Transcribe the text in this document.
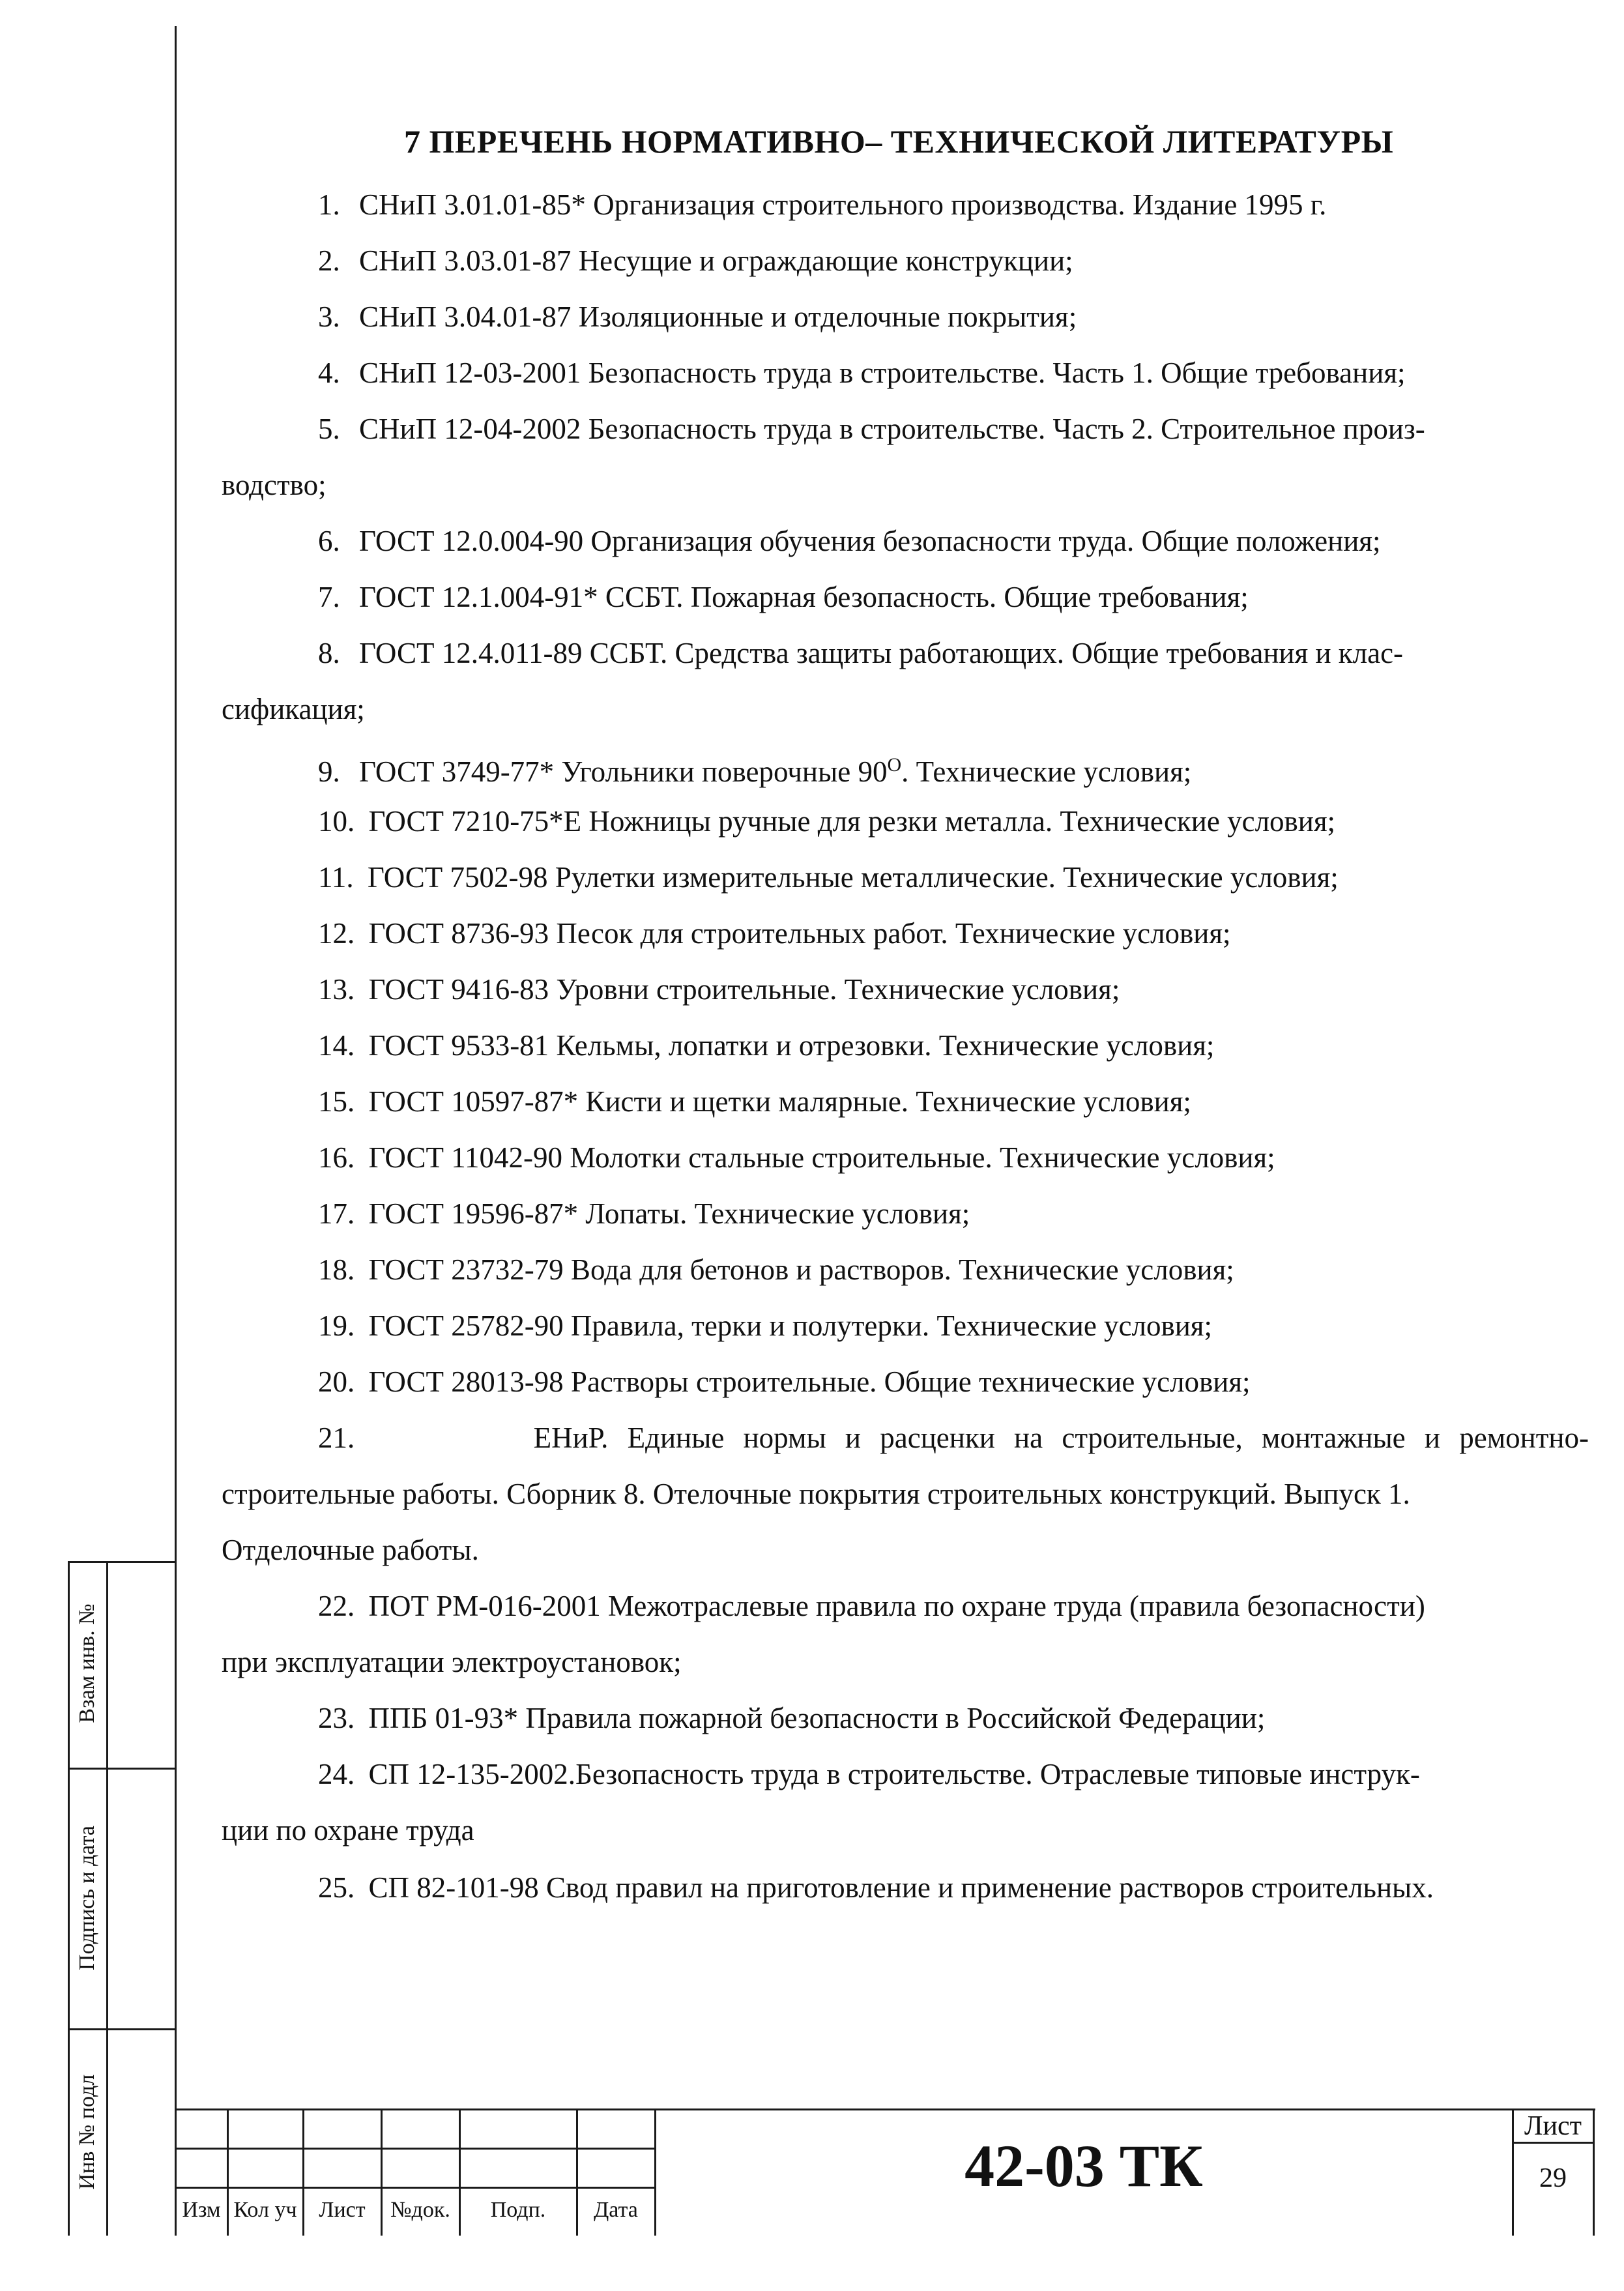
7 ПЕРЕЧЕНЬ НОРМАТИВНО‒ ТЕХНИЧЕСКОЙ ЛИТЕРАТУРЫ
1. СНиП 3.01.01-85* Организация строительного производства. Издание 1995 г.
2. СНиП 3.03.01-87 Несущие и ограждающие конструкции;
3. СНиП 3.04.01-87 Изоляционные и отделочные покрытия;
4. СНиП 12-03-2001 Безопасность труда в строительстве. Часть 1. Общие требования;
5. СНиП 12-04-2002 Безопасность труда в строительстве. Часть 2. Строительное произ-
водство;
6. ГОСТ 12.0.004-90 Организация обучения безопасности труда. Общие положения;
7. ГОСТ 12.1.004-91* ССБТ. Пожарная безопасность. Общие требования;
8. ГОСТ 12.4.011-89 ССБТ. Средства защиты работающих. Общие требования и клас-
сификация;
9. ГОСТ 3749-77* Угольники поверочные $90^О$. Технические условия;
10. ГОСТ 7210-75*Е Ножницы ручные для резки металла. Технические условия;
11. ГОСТ 7502-98 Рулетки измерительные металлические. Технические условия;
12. ГОСТ 8736-93 Песок для строительных работ. Технические условия;
13. ГОСТ 9416-83 Уровни строительные. Технические условия;
14. ГОСТ 9533-81 Кельмы, лопатки и отрезовки. Технические условия;
15. ГОСТ 10597-87* Кисти и щетки малярные. Технические условия;
16. ГОСТ 11042-90 Молотки стальные строительные. Технические условия;
17. ГОСТ 19596-87* Лопаты. Технические условия;
18. ГОСТ 23732-79 Вода для бетонов и растворов. Технические условия;
19. ГОСТ 25782-90 Правила, терки и полутерки. Технические условия;
20. ГОСТ 28013-98 Растворы строительные. Общие технические условия;
21.	ЕНиР. Единые нормы и расценки на строительные, монтажные и ремонтно-
строительные работы. Сборник 8. Отелочные покрытия строительных конструкций. Выпуск 1.
Отделочные работы.
22. ПОТ РМ-016-2001 Межотраслевые правила по охране труда (правила безопасности)
при эксплуатации электроустановок;
23. ППБ 01-93* Правила пожарной безопасности в Российской Федерации;
24. СП 12-135-2002.Безопасность труда в строительстве. Отраслевые типовые инструк-
ции по охране труда
25. СП 82-101-98 Свод правил на приготовление и применение растворов строительных.
Взам инв. №
Подпись и дата
Инв № подл
Изм Кол уч Лист	№док.	Подп.	Дата
42-03 ТК
Лист
29
